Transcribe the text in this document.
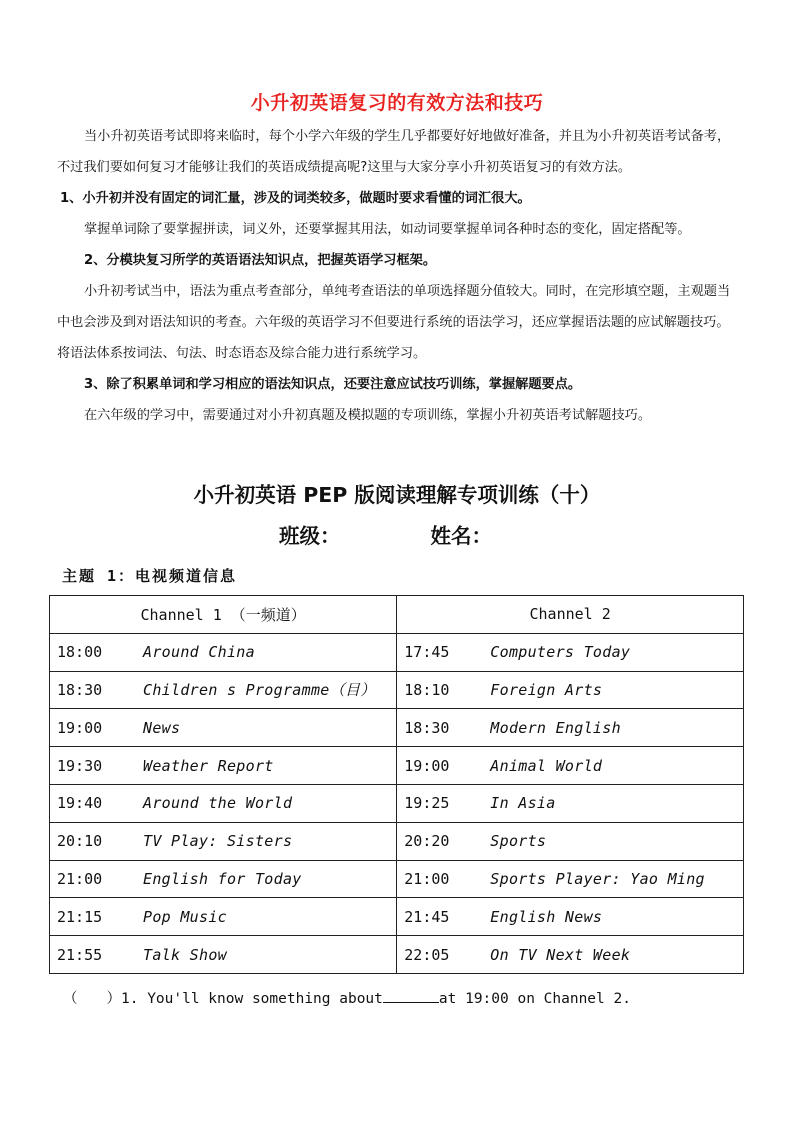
小升初英语复习的有效方法和技巧

当小升初英语考试即将来临时，每个小学六年级的学生几乎都要好好地做好准备，并且为小升初英语考试备考，不过我们要如何复习才能够让我们的英语成绩提高呢?这里与大家分享小升初英语复习的有效方法。

1、小升初并没有固定的词汇量，涉及的词类较多，做题时要求看懂的词汇很大。

掌握单词除了要掌握拼读，词义外，还要掌握其用法，如动词要掌握单词各种时态的变化，固定搭配等。

2、分模块复习所学的英语语法知识点，把握英语学习框架。

小升初考试当中，语法为重点考查部分，单纯考查语法的单项选择题分值较大。同时，在完形填空题，主观题当中也会涉及到对语法知识的考查。六年级的英语学习不但要进行系统的语法学习，还应掌握语法题的应试解题技巧。将语法体系按词法、句法、时态语态及综合能力进行系统学习。

3、除了积累单词和学习相应的语法知识点，还要注意应试技巧训练，掌握解题要点。

在六年级的学习中，需要通过对小升初真题及模拟题的专项训练，掌握小升初英语考试解题技巧。

小升初英语 PEP 版阅读理解专项训练（十）
班级：	姓名：
主题 1：电视频道信息
Channel 1 （一频道）	Channel 2

18:00 Around China	17:45 Computers Today

18:30 Children s Programme（目）	18:10 Foreign Arts

19:00 News	18:30 Modern English

19:30 Weather Report	19:00 Animal World

19:40 Around the World	19:25 In Asia

20:10 TV Play: Sisters	20:20 Sports

21:00 English for Today	21:00 Sports Player: Yao Ming

21:15 Pop Music	21:45 English News

21:55 Talk Show	22:05 On TV Next Week
（　　）1. You'll know something about	at 19:00 on Channel 2.
